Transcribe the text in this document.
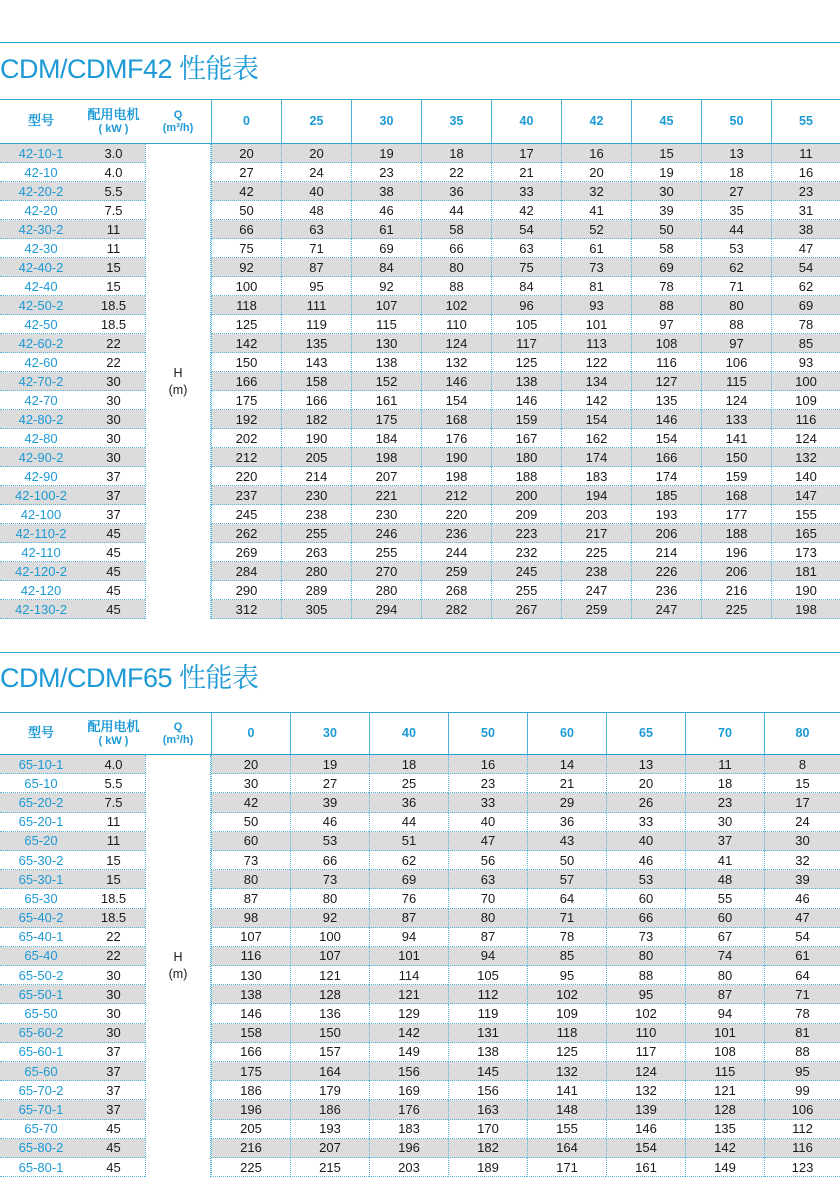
CDM/CDMF42 性能表
型号	配用电机
( kW )
Q
(m³/h)	0	25	30	35	40	42	45	50	55
H
(m)
42-10-1	3.0	20	20	19	18	17	16	15	13	11
42-10	4.0	27	24	23	22	21	20	19	18	16
42-20-2	5.5	42	40	38	36	33	32	30	27	23
42-20	7.5	50	48	46	44	42	41	39	35	31
42-30-2	11	66	63	61	58	54	52	50	44	38
42-30	11	75	71	69	66	63	61	58	53	47
42-40-2	15	92	87	84	80	75	73	69	62	54
42-40	15	100	95	92	88	84	81	78	71	62
42-50-2	18.5	118	111	107	102	96	93	88	80	69
42-50	18.5	125	119	115	110	105	101	97	88	78
42-60-2	22	142	135	130	124	117	113	108	97	85
42-60	22	150	143	138	132	125	122	116	106	93
42-70-2	30	166	158	152	146	138	134	127	115	100
42-70	30	175	166	161	154	146	142	135	124	109
42-80-2	30	192	182	175	168	159	154	146	133	116
42-80	30	202	190	184	176	167	162	154	141	124
42-90-2	30	212	205	198	190	180	174	166	150	132
42-90	37	220	214	207	198	188	183	174	159	140
42-100-2	37	237	230	221	212	200	194	185	168	147
42-100	37	245	238	230	220	209	203	193	177	155
42-110-2	45	262	255	246	236	223	217	206	188	165
42-110	45	269	263	255	244	232	225	214	196	173
42-120-2	45	284	280	270	259	245	238	226	206	181
42-120	45	290	289	280	268	255	247	236	216	190
42-130-2	45	312	305	294	282	267	259	247	225	198
CDM/CDMF65 性能表
型号	配用电机
( kW )
Q
(m³/h)	0	30	40	50	60	65	70	80
H
(m)
65-10-1	4.0	20	19	18	16	14	13	11	8
65-10	5.5	30	27	25	23	21	20	18	15
65-20-2	7.5	42	39	36	33	29	26	23	17
65-20-1	11	50	46	44	40	36	33	30	24
65-20	11	60	53	51	47	43	40	37	30
65-30-2	15	73	66	62	56	50	46	41	32
65-30-1	15	80	73	69	63	57	53	48	39
65-30	18.5	87	80	76	70	64	60	55	46
65-40-2	18.5	98	92	87	80	71	66	60	47
65-40-1	22	107	100	94	87	78	73	67	54
65-40	22	116	107	101	94	85	80	74	61
65-50-2	30	130	121	114	105	95	88	80	64
65-50-1	30	138	128	121	112	102	95	87	71
65-50	30	146	136	129	119	109	102	94	78
65-60-2	30	158	150	142	131	118	110	101	81
65-60-1	37	166	157	149	138	125	117	108	88
65-60	37	175	164	156	145	132	124	115	95
65-70-2	37	186	179	169	156	141	132	121	99
65-70-1	37	196	186	176	163	148	139	128	106
65-70	45	205	193	183	170	155	146	135	112
65-80-2	45	216	207	196	182	164	154	142	116
65-80-1	45	225	215	203	189	171	161	149	123
